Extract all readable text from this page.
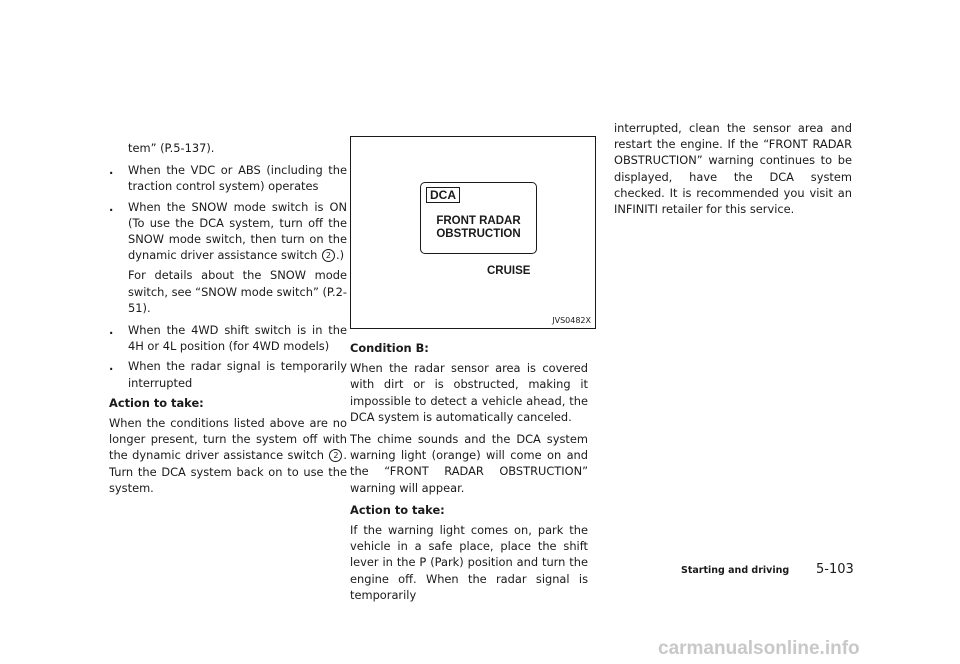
tem” (P.5-137).

. When the VDC or ABS (including the traction control system) operates
. When the SNOW mode switch is ON (To use the DCA system, turn off the SNOW mode switch, then turn on the dynamic driver assistance switch 2 .)

For details about the SNOW mode switch, see “SNOW mode switch” (P.2-51).

. When the 4WD shift switch is in the 4H or 4L position (for 4WD models)
. When the radar signal is temporarily interrupted

Action to take:

When the conditions listed above are no longer present, turn the system off with the dynamic driver assistance switch 2 . Turn the DCA system back on to use the system.

DCA
FRONT RADAR
OBSTRUCTION
CRUISE
JVS0482X

Condition B:

When the radar sensor area is covered with dirt or is obstructed, making it impossible to detect a vehicle ahead, the DCA system is automatically canceled.

The chime sounds and the DCA system warning light (orange) will come on and the “FRONT RADAR OBSTRUCTION” warning will appear.

Action to take:

If the warning light comes on, park the vehicle in a safe place, place the shift lever in the P (Park) position and turn the engine off. When the radar signal is temporarily

interrupted, clean the sensor area and restart the engine. If the “FRONT RADAR OBSTRUCTION” warning continues to be displayed, have the DCA system checked. It is recommended you visit an INFINITI retailer for this service.

Starting and driving 5-103
carmanualsonline.info
